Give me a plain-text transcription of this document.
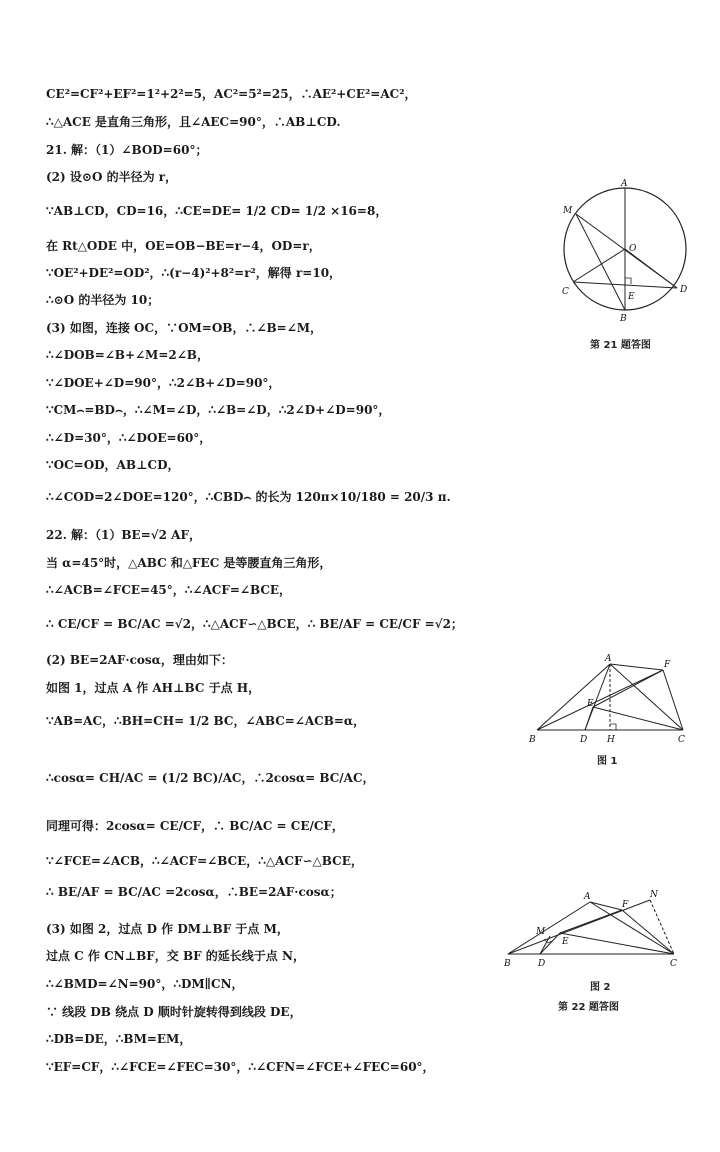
CE²=CF²+EF²=1²+2²=5，AC²=5²=25，∴AE²+CE²=AC²，
∴△ACE 是直角三角形，且∠AEC=90°，∴AB⊥CD.
21. 解：（1）∠BOD=60°；
(2) 设⊙O 的半径为 r，
∵AB⊥CD，CD=16，∴CE=DE= 1/2 CD= 1/2 ×16=8，
在 Rt△ODE 中，OE=OB−BE=r−4，OD=r，
∵OE²+DE²=OD²，∴(r−4)²+8²=r²，解得 r=10，
∴⊙O 的半径为 10；
(3) 如图，连接 OC，∵OM=OB，∴∠B=∠M，
∴∠DOB=∠B+∠M=2∠B，
∵∠DOE+∠D=90°，∴2∠B+∠D=90°，
∵CM⌢=BD⌢，∴∠M=∠D，∴∠B=∠D，∴2∠D+∠D=90°，
∴∠D=30°，∴∠DOE=60°，
∵OC=OD，AB⊥CD，
∴∠COD=2∠DOE=120°，∴CBD⌢ 的长为 120π×10/180 = 20/3 π.
22. 解：（1）BE=√2 AF，
当 α=45°时，△ABC 和△FEC 是等腰直角三角形，
∴∠ACB=∠FCE=45°，∴∠ACF=∠BCE，
∴ CE/CF = BC/AC =√2，∴△ACF∽△BCE，∴ BE/AF = CE/CF =√2；
(2) BE=2AF·cosα，理由如下：
如图 1，过点 A 作 AH⊥BC 于点 H，
∵AB=AC，∴BH=CH= 1/2 BC，∠ABC=∠ACB=α，
∴cosα= CH/AC = (1/2 BC)/AC，∴2cosα= BC/AC，
同理可得：2cosα= CE/CF，∴ BC/AC = CE/CF，
∵∠FCE=∠ACB，∴∠ACF=∠BCE，∴△ACF∽△BCE，
∴ BE/AF = BC/AC =2cosα，∴BE=2AF·cosα；
(3) 如图 2，过点 D 作 DM⊥BF 于点 M，
过点 C 作 CN⊥BF，交 BF 的延长线于点 N，
∴∠BMD=∠N=90°，∴DM∥CN，
∵ 线段 DB 绕点 D 顺时针旋转得到线段 DE，
∴DB=DE，∴BM=EM，
∵EF=CF，∴∠FCE=∠FEC=30°，∴∠CFN=∠FCE+∠FEC=60°，
A
M
O
C	E
D
B
第 21 题答图
A
F
E
B	D H	C
图 1
A	N
F
M
E
B	D	C
图 2
第 22 题答图
